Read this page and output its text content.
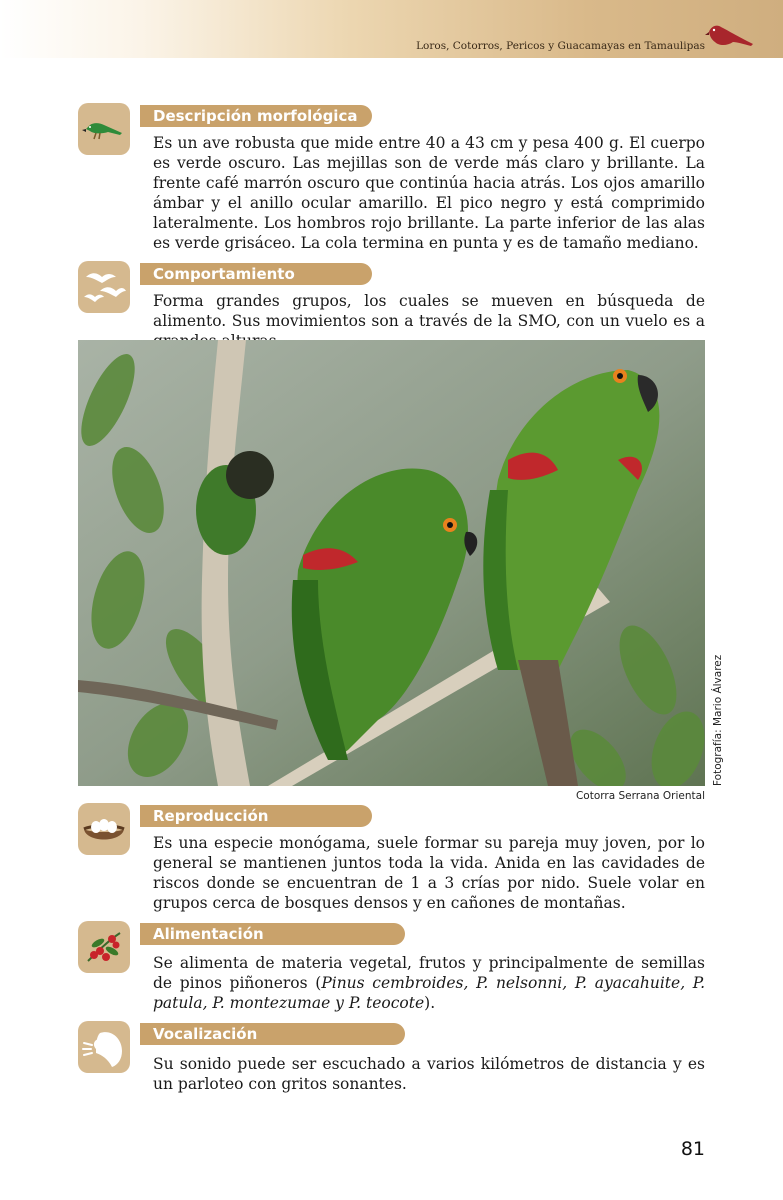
Loros, Cotorros, Pericos y Guacamayas en Tamaulipas
Descripción morfológica
Es un ave robusta que mide entre 40 a 43 cm y pesa 400 g. El cuerpo es verde oscuro. Las mejillas son de verde más claro y brillante. La frente café marrón oscuro que continúa hacia atrás. Los ojos amarillo ámbar y el anillo ocular amarillo. El pico negro y está comprimido lateralmente. Los hombros rojo brillante. La parte inferior de las alas es verde grisáceo. La cola termina en punta y es de tamaño mediano.
Comportamiento
Forma grandes grupos, los cuales se mueven en búsqueda de alimento. Sus movimientos son a través de la SMO, con un vuelo es a
Cotorra Serrana Oriental
Fotografía: Mario Álvarez
Reproducción
Es una especie monógama, suele formar su pareja muy joven, por lo general se mantienen juntos toda la vida. Anida en las cavidades de riscos donde se encuentran de 1 a 3 crías por nido. Suele volar en grupos cerca de bosques densos y en cañones de montañas.
Alimentación
Se alimenta de materia vegetal, frutos y principalmente de semillas de pinos piñoneros (Pinus cembroides, P. nelsonni, P. ayacahuite, P. patula, P. montezumae y P. teocote).
Vocalización
Su sonido puede ser escuchado a varios kilómetros de distancia y es un parloteo con gritos sonantes.
81
